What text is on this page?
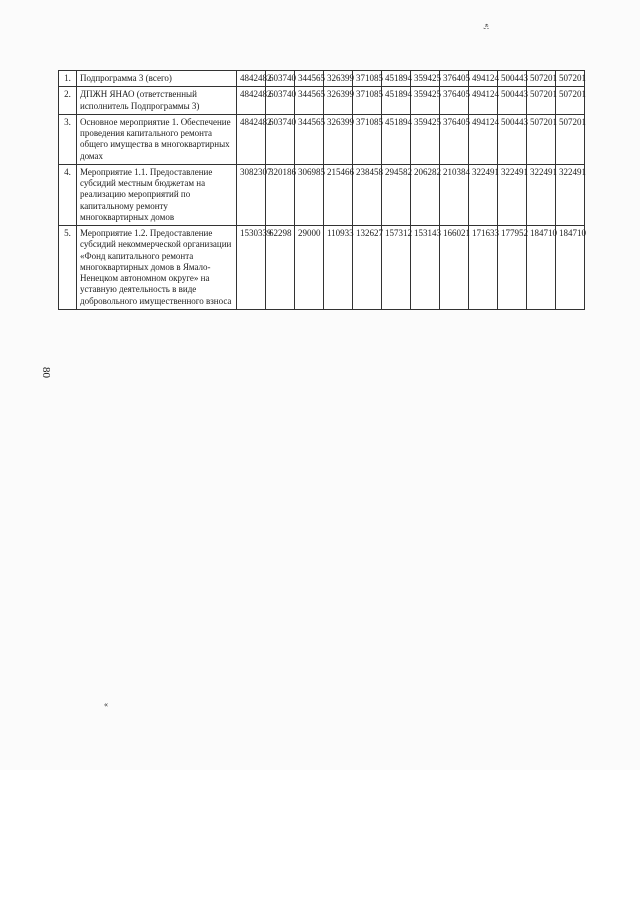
80
«
«;
1.	Подпрограмма 3 (всего)	4842482	603740	344565	326399	371085	451894	359425	376405	494124	500443	507201	507201
2.	ДПЖН ЯНАО (ответственный исполнитель Подпрограммы 3)	4842482	603740	344565	326399	371085	451894	359425	376405	494124	500443	507201	507201
3.	Основное мероприятие 1. Обеспечение проведения капитального ремонта общего имущества в многоквартирных домах	4842482	603740	344565	326399	371085	451894	359425	376405	494124	500443	507201	507201
4.	Мероприятие 1.1. Предоставление субсидий местным бюджетам на реализацию мероприятий по капитальному ремонту многоквартирных домов	3082307	320186	306985	215466	238458	294582	206282	210384	322491	322491	322491	322491
5.	Мероприятие 1.2. Предоставление субсидий некоммерческой организации «Фонд капитального ремонта многоквартирных домов в Ямало-Ненецком автономном округе» на уставную деятельность в виде добровольного имущественного взноса	1530339	62298	29000	110933	132627	157312	153143	166021	171633	177952	184710	184710
